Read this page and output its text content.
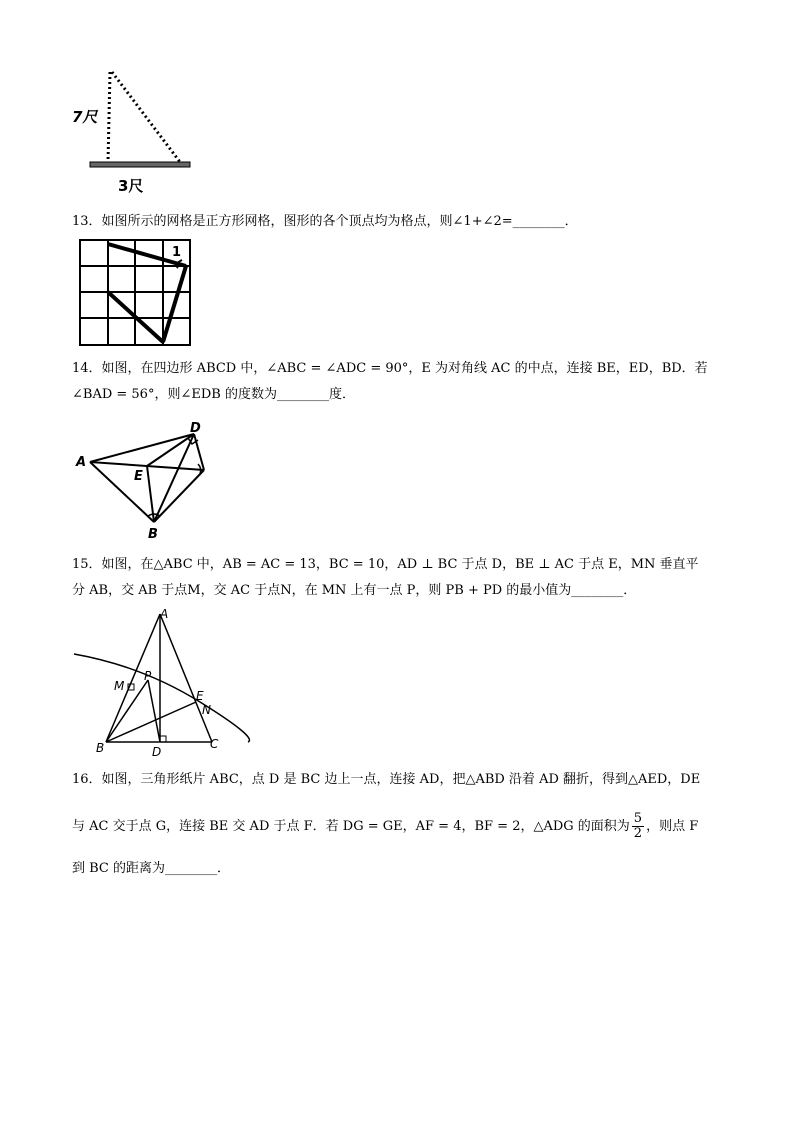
7尺
3尺
13．如图所示的网格是正方形网格，图形的各个顶点均为格点，则∠1+∠2=________．
1
14．如图，在四边形 ABCD 中，∠ABC = ∠ADC = 90°，E 为对角线 AC 的中点，连接 BE，ED，BD．若
∠BAD = 56°，则∠EDB 的度数为________度．
A
B
D
E
15．如图，在△ABC 中，AB = AC = 13，BC = 10，AD ⊥ BC 于点 D，BE ⊥ AC 于点 E，MN 垂直平
分 AB，交 AB 于点M，交 AC 于点N，在 MN 上有一点 P，则 PB + PD 的最小值为________．
A
B	C
D
E
M
N
P
16．如图，三角形纸片 ABC，点 D 是 BC 边上一点，连接 AD，把△ABD 沿着 AD 翻折，得到△AED，DE
与 AC 交于点 G，连接 BE 交 AD 于点 F．若 DG = GE，AF = 4，BF = 2，△ADG 的面积为 $\frac{5}{2}$ ，则点 F
到 BC 的距离为________．
